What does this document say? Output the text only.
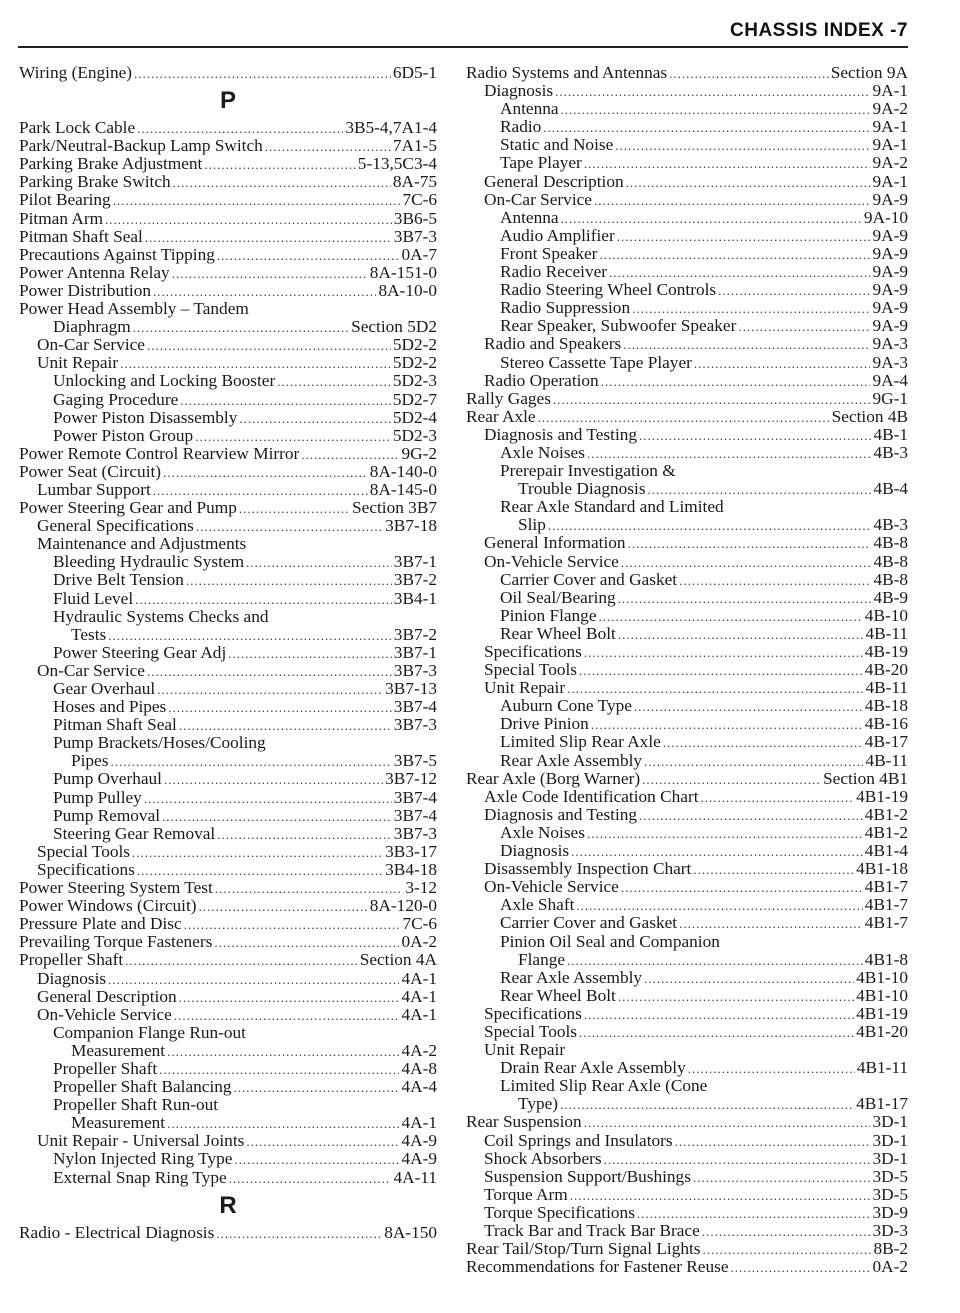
CHASSIS INDEX -7
Wiring (Engine) .....	6D5-1
P
Park Lock Cable .....	3B5-4,7A1-4
Park/Neutral-Backup Lamp Switch .....	7A1-5
Parking Brake Adjustment .....	5-13,5C3-4
Parking Brake Switch .....	8A-75
Pilot Bearing .....	7C-6
Pitman Arm .....	3B6-5
Pitman Shaft Seal .....	3B7-3
Precautions Against Tipping .....	0A-7
Power Antenna Relay .....	8A-151-0
Power Distribution .....	8A-10-0
Power Head Assembly – Tandem
Diaphragm .....	Section 5D2
On-Car Service .....	5D2-2
Unit Repair .....	5D2-2
Unlocking and Locking Booster .....	5D2-3
Gaging Procedure .....	5D2-7
Power Piston Disassembly .....	5D2-4
Power Piston Group .....	5D2-3
Power Remote Control Rearview Mirror .....	9G-2
Power Seat (Circuit) .....	8A-140-0
Lumbar Support .....	8A-145-0
Power Steering Gear and Pump .....	Section 3B7
General Specifications .....	3B7-18
Maintenance and Adjustments
Bleeding Hydraulic System .....	3B7-1
Drive Belt Tension .....	3B7-2
Fluid Level .....	3B4-1
Hydraulic Systems Checks and
Tests .....	3B7-2
Power Steering Gear Adj .....	3B7-1
On-Car Service .....	3B7-3
Gear Overhaul .....	3B7-13
Hoses and Pipes .....	3B7-4
Pitman Shaft Seal .....	3B7-3
Pump Brackets/Hoses/Cooling
Pipes .....	3B7-5
Pump Overhaul .....	3B7-12
Pump Pulley .....	3B7-4
Pump Removal .....	3B7-4
Steering Gear Removal .....	3B7-3
Special Tools .....	3B3-17
Specifications .....	3B4-18
Power Steering System Test .....	3-12
Power Windows (Circuit) .....	8A-120-0
Pressure Plate and Disc .....	7C-6
Prevailing Torque Fasteners .....	0A-2
Propeller Shaft .....	Section 4A
Diagnosis .....	4A-1
General Description .....	4A-1
On-Vehicle Service .....	4A-1
Companion Flange Run-out
Measurement .....	4A-2
Propeller Shaft .....	4A-8
Propeller Shaft Balancing .....	4A-4
Propeller Shaft Run-out
Measurement .....	4A-1
Unit Repair - Universal Joints .....	4A-9
Nylon Injected Ring Type .....	4A-9
External Snap Ring Type .....	4A-11
R
Radio - Electrical Diagnosis .....	8A-150
Radio Systems and Antennas .....	Section 9A
Diagnosis .....	9A-1
Antenna .....	9A-2
Radio .....	9A-1
Static and Noise .....	9A-1
Tape Player .....	9A-2
General Description .....	9A-1
On-Car Service .....	9A-9
Antenna .....	9A-10
Audio Amplifier .....	9A-9
Front Speaker .....	9A-9
Radio Receiver .....	9A-9
Radio Steering Wheel Controls .....	9A-9
Radio Suppression .....	9A-9
Rear Speaker, Subwoofer Speaker .....	9A-9
Radio and Speakers .....	9A-3
Stereo Cassette Tape Player .....	9A-3
Radio Operation .....	9A-4
Rally Gages .....	9G-1
Rear Axle .....	Section 4B
Diagnosis and Testing .....	4B-1
Axle Noises .....	4B-3
Prerepair Investigation &
Trouble Diagnosis .....	4B-4
Rear Axle Standard and Limited
Slip .....	4B-3
General Information .....	4B-8
On-Vehicle Service .....	4B-8
Carrier Cover and Gasket .....	4B-8
Oil Seal/Bearing .....	4B-9
Pinion Flange .....	4B-10
Rear Wheel Bolt .....	4B-11
Specifications .....	4B-19
Special Tools .....	4B-20
Unit Repair .....	4B-11
Auburn Cone Type .....	4B-18
Drive Pinion .....	4B-16
Limited Slip Rear Axle .....	4B-17
Rear Axle Assembly .....	4B-11
Rear Axle (Borg Warner) .....	Section 4B1
Axle Code Identification Chart .....	4B1-19
Diagnosis and Testing .....	4B1-2
Axle Noises .....	4B1-2
Diagnosis .....	4B1-4
Disassembly Inspection Chart .....	4B1-18
On-Vehicle Service .....	4B1-7
Axle Shaft .....	4B1-7
Carrier Cover and Gasket .....	4B1-7
Pinion Oil Seal and Companion
Flange .....	4B1-8
Rear Axle Assembly .....	4B1-10
Rear Wheel Bolt .....	4B1-10
Specifications .....	4B1-19
Special Tools .....	4B1-20
Unit Repair
Drain Rear Axle Assembly .....	4B1-11
Limited Slip Rear Axle (Cone
Type) .....	4B1-17
Rear Suspension .....	3D-1
Coil Springs and Insulators .....	3D-1
Shock Absorbers .....	3D-1
Suspension Support/Bushings .....	3D-5
Torque Arm .....	3D-5
Torque Specifications .....	3D-9
Track Bar and Track Bar Brace .....	3D-3
Rear Tail/Stop/Turn Signal Lights .....	8B-2
Recommendations for Fastener Reuse .....	0A-2
